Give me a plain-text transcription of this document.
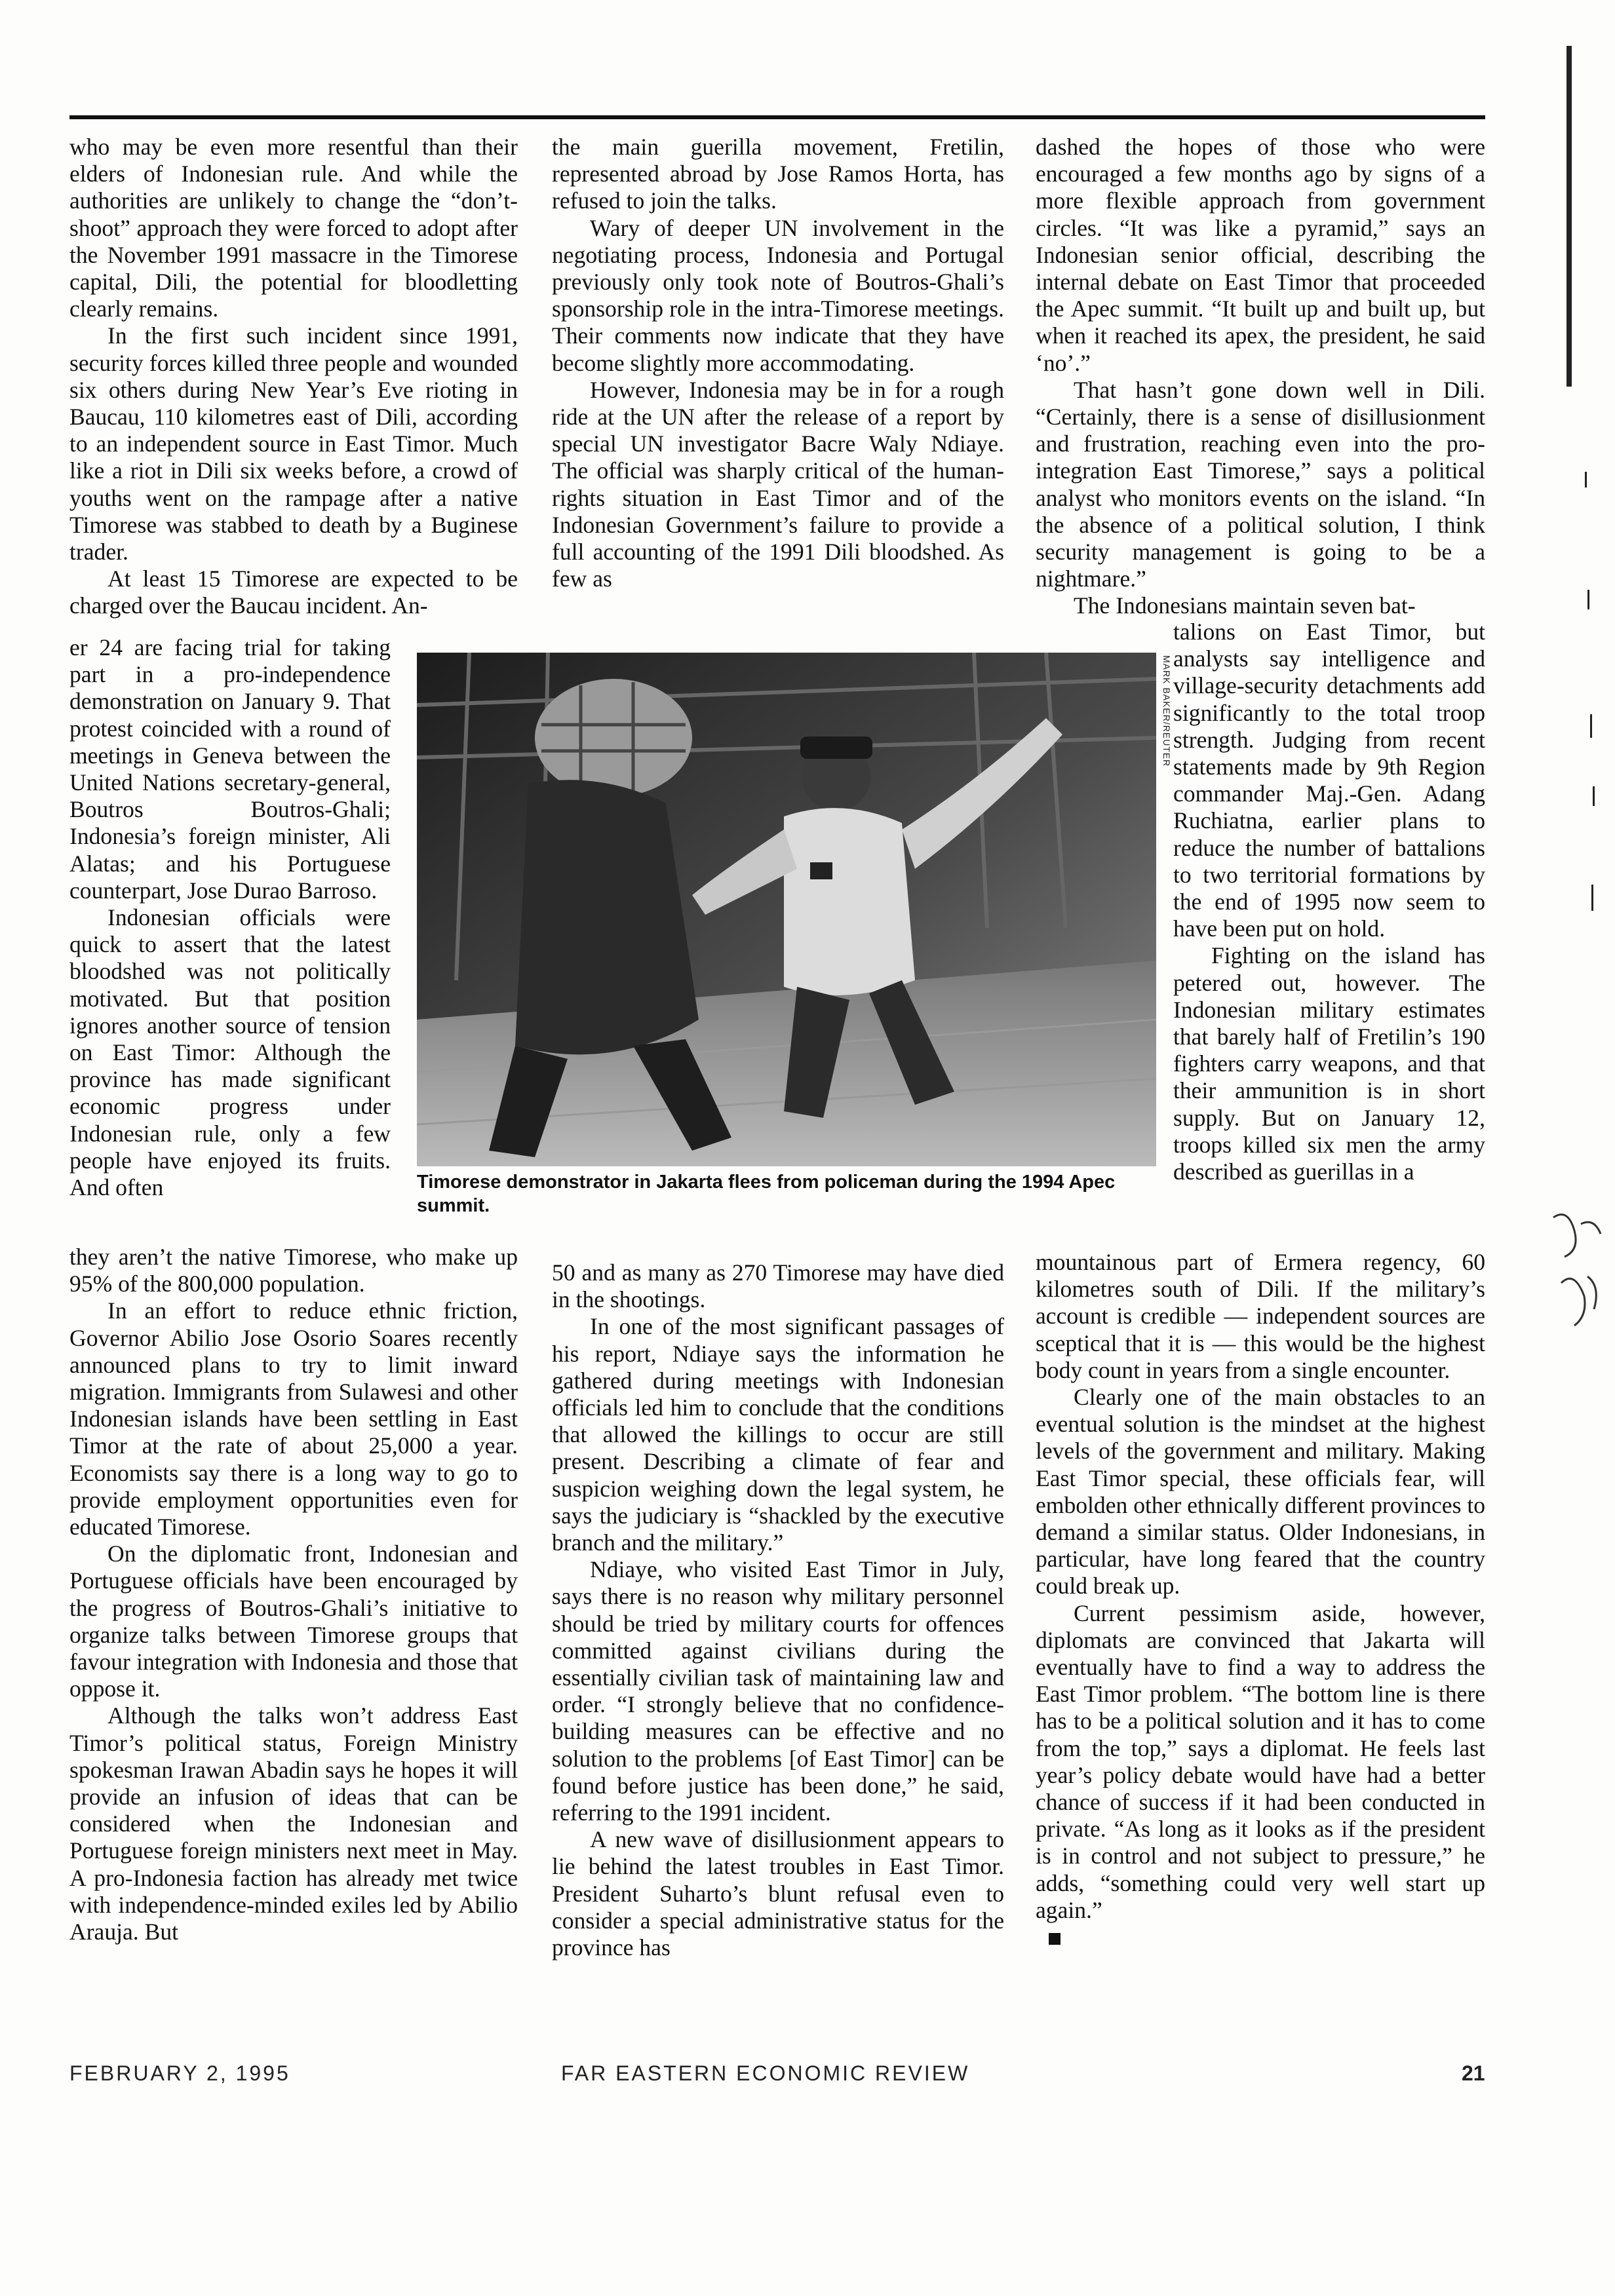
who may be even more resentful than their elders of Indonesian rule. And while the authorities are unlikely to change the “don’t-shoot” approach they were forced to adopt after the November 1991 massacre in the Timorese capital, Dili, the potential for bloodletting clearly remains.

In the first such incident since 1991, security forces killed three people and wounded six others during New Year’s Eve rioting in Baucau, 110 kilometres east of Dili, according to an independent source in East Timor. Much like a riot in Dili six weeks before, a crowd of youths went on the rampage after a native Timorese was stabbed to death by a Buginese trader.

At least 15 Timorese are expected to be charged over the Baucau incident. An-

er 24 are facing trial for taking part in a pro-independence demonstration on January 9. That protest coincided with a round of meetings in Geneva between the United Nations secretary-general, Boutros Boutros-Ghali; Indonesia’s foreign minister, Ali Alatas; and his Portuguese counterpart, Jose Durao Barroso.

Indonesian officials were quick to assert that the latest bloodshed was not politically motivated. But that position ignores another source of tension on East Timor: Although the province has made significant economic progress under Indonesian rule, only a few people have enjoyed its fruits. And often

they aren’t the native Timorese, who make up 95% of the 800,000 population.

In an effort to reduce ethnic friction, Governor Abilio Jose Osorio Soares recently announced plans to try to limit inward migration. Immigrants from Sulawesi and other Indonesian islands have been settling in East Timor at the rate of about 25,000 a year. Economists say there is a long way to go to provide employment opportunities even for educated Timorese.

On the diplomatic front, Indonesian and Portuguese officials have been encouraged by the progress of Boutros-Ghali’s initiative to organize talks between Timorese groups that favour integration with Indonesia and those that oppose it.

Although the talks won’t address East Timor’s political status, Foreign Ministry spokesman Irawan Abadin says he hopes it will provide an infusion of ideas that can be considered when the Indonesian and Portuguese foreign ministers next meet in May. A pro-Indonesia faction has already met twice with independence-minded exiles led by Abilio Arauja. But

the main guerilla movement, Fretilin, represented abroad by Jose Ramos Horta, has refused to join the talks.

Wary of deeper UN involvement in the negotiating process, Indonesia and Portugal previously only took note of Boutros-Ghali’s sponsorship role in the intra-Timorese meetings. Their comments now indicate that they have become slightly more accommodating.

However, Indonesia may be in for a rough ride at the UN after the release of a report by special UN investigator Bacre Waly Ndiaye. The official was sharply critical of the human-rights situation in East Timor and of the Indonesian Government’s failure to provide a full accounting of the 1991 Dili bloodshed. As few as

50 and as many as 270 Timorese may have died in the shootings.

In one of the most significant passages of his report, Ndiaye says the information he gathered during meetings with Indonesian officials led him to conclude that the conditions that allowed the killings to occur are still present. Describing a climate of fear and suspicion weighing down the legal system, he says the judiciary is “shackled by the executive branch and the military.”

Ndiaye, who visited East Timor in July, says there is no reason why military personnel should be tried by military courts for offences committed against civilians during the essentially civilian task of maintaining law and order. “I strongly believe that no confidence-building measures can be effective and no solution to the problems [of East Timor] can be found before justice has been done,” he said, referring to the 1991 incident.

A new wave of disillusionment appears to lie behind the latest troubles in East Timor. President Suharto’s blunt refusal even to consider a special administrative status for the province has

dashed the hopes of those who were encouraged a few months ago by signs of a more flexible approach from government circles. “It was like a pyramid,” says an Indonesian senior official, describing the internal debate on East Timor that proceeded the Apec summit. “It built up and built up, but when it reached its apex, the president, he said ‘no’.”

That hasn’t gone down well in Dili. “Certainly, there is a sense of disillusionment and frustration, reaching even into the pro-integration East Timorese,” says a political analyst who monitors events on the island. “In the absence of a political solution, I think security management is going to be a nightmare.”

The Indonesians maintain seven bat-

talions on East Timor, but analysts say intelligence and village-security detachments add significantly to the total troop strength. Judging from recent statements made by 9th Region commander Maj.-Gen. Adang Ruchiatna, earlier plans to reduce the number of battalions to two territorial formations by the end of 1995 now seem to have been put on hold.

Fighting on the island has petered out, however. The Indonesian military estimates that barely half of Fretilin’s 190 fighters carry weapons, and that their ammunition is in short supply. But on January 12, troops killed six men the army described as guerillas in a

mountainous part of Ermera regency, 60 kilometres south of Dili. If the military’s account is credible — independent sources are sceptical that it is — this would be the highest body count in years from a single encounter.

Clearly one of the main obstacles to an eventual solution is the mindset at the highest levels of the government and military. Making East Timor special, these officials fear, will embolden other ethnically different provinces to demand a similar status. Older Indonesians, in particular, have long feared that the country could break up.

Current pessimism aside, however, diplomats are convinced that Jakarta will eventually have to find a way to address the East Timor problem. “The bottom line is there has to be a political solution and it has to come from the top,” says a diplomat. He feels last year’s policy debate would have had a better chance of success if it had been conducted in private. “As long as it looks as if the president is in control and not subject to pressure,” he adds, “something could very well start up again.”

MARK BAKER/REUTER
Timorese demonstrator in Jakarta flees from policeman during the 1994 Apec summit.
FEBRUARY 2, 1995	FAR EASTERN ECONOMIC REVIEW	21
